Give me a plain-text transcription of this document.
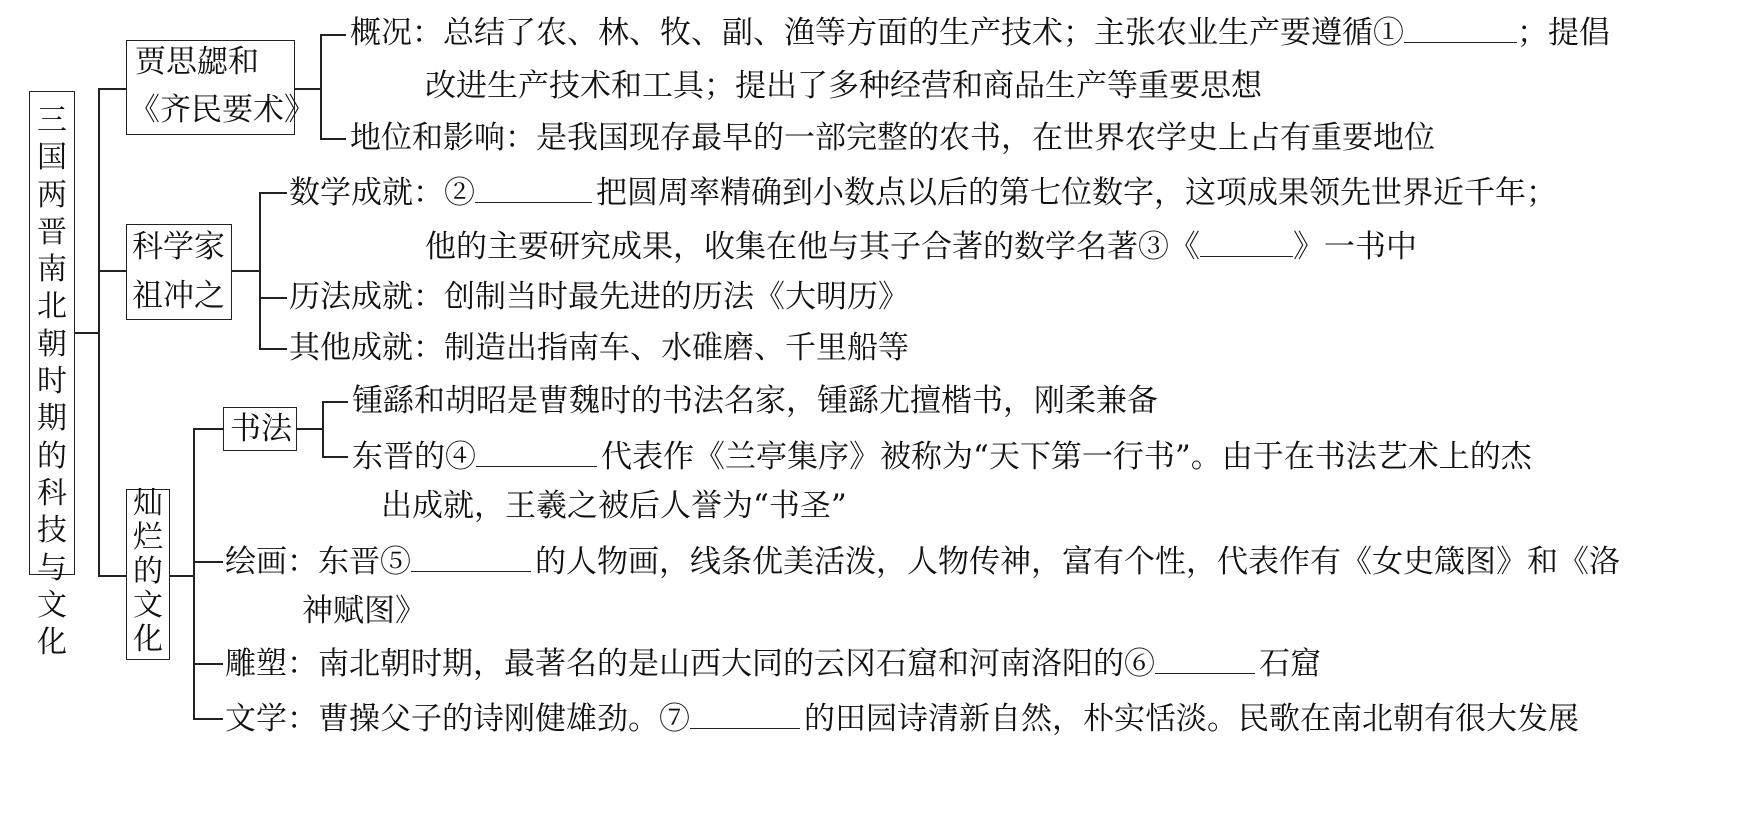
三
国
两
晋
南
北
朝
时
期
的
科
技
与
文
化
贾思勰和
《齐民要术》
概况：总结了农、林、牧、副、渔等方面的生产技术；主张农业生产要遵循①	；提倡
改进生产技术和工具；提出了多种经营和商品生产等重要思想
地位和影响：是我国现存最早的一部完整的农书，在世界农学史上占有重要地位
科学家
祖冲之
数学成就：②	把圆周率精确到小数点以后的第七位数字，这项成果领先世界近千年；
他的主要研究成果，收集在他与其子合著的数学名著③《	》一书中
历法成就：创制当时最先进的历法《大明历》
其他成就：制造出指南车、水碓磨、千里船等
灿
烂
的
文
化
书法
锺繇和胡昭是曹魏时的书法名家，锺繇尤擅楷书，刚柔兼备
东晋的④	代表作《兰亭集序》被称为“天下第一行书”。由于在书法艺术上的杰
出成就，王羲之被后人誉为“书圣”
绘画：东晋⑤	的人物画，线条优美活泼，人物传神，富有个性，代表作有《女史箴图》和《洛
神赋图》
雕塑：南北朝时期，最著名的是山西大同的云冈石窟和河南洛阳的⑥	石窟
文学：曹操父子的诗刚健雄劲。⑦	的田园诗清新自然，朴实恬淡。民歌在南北朝有很大发展
